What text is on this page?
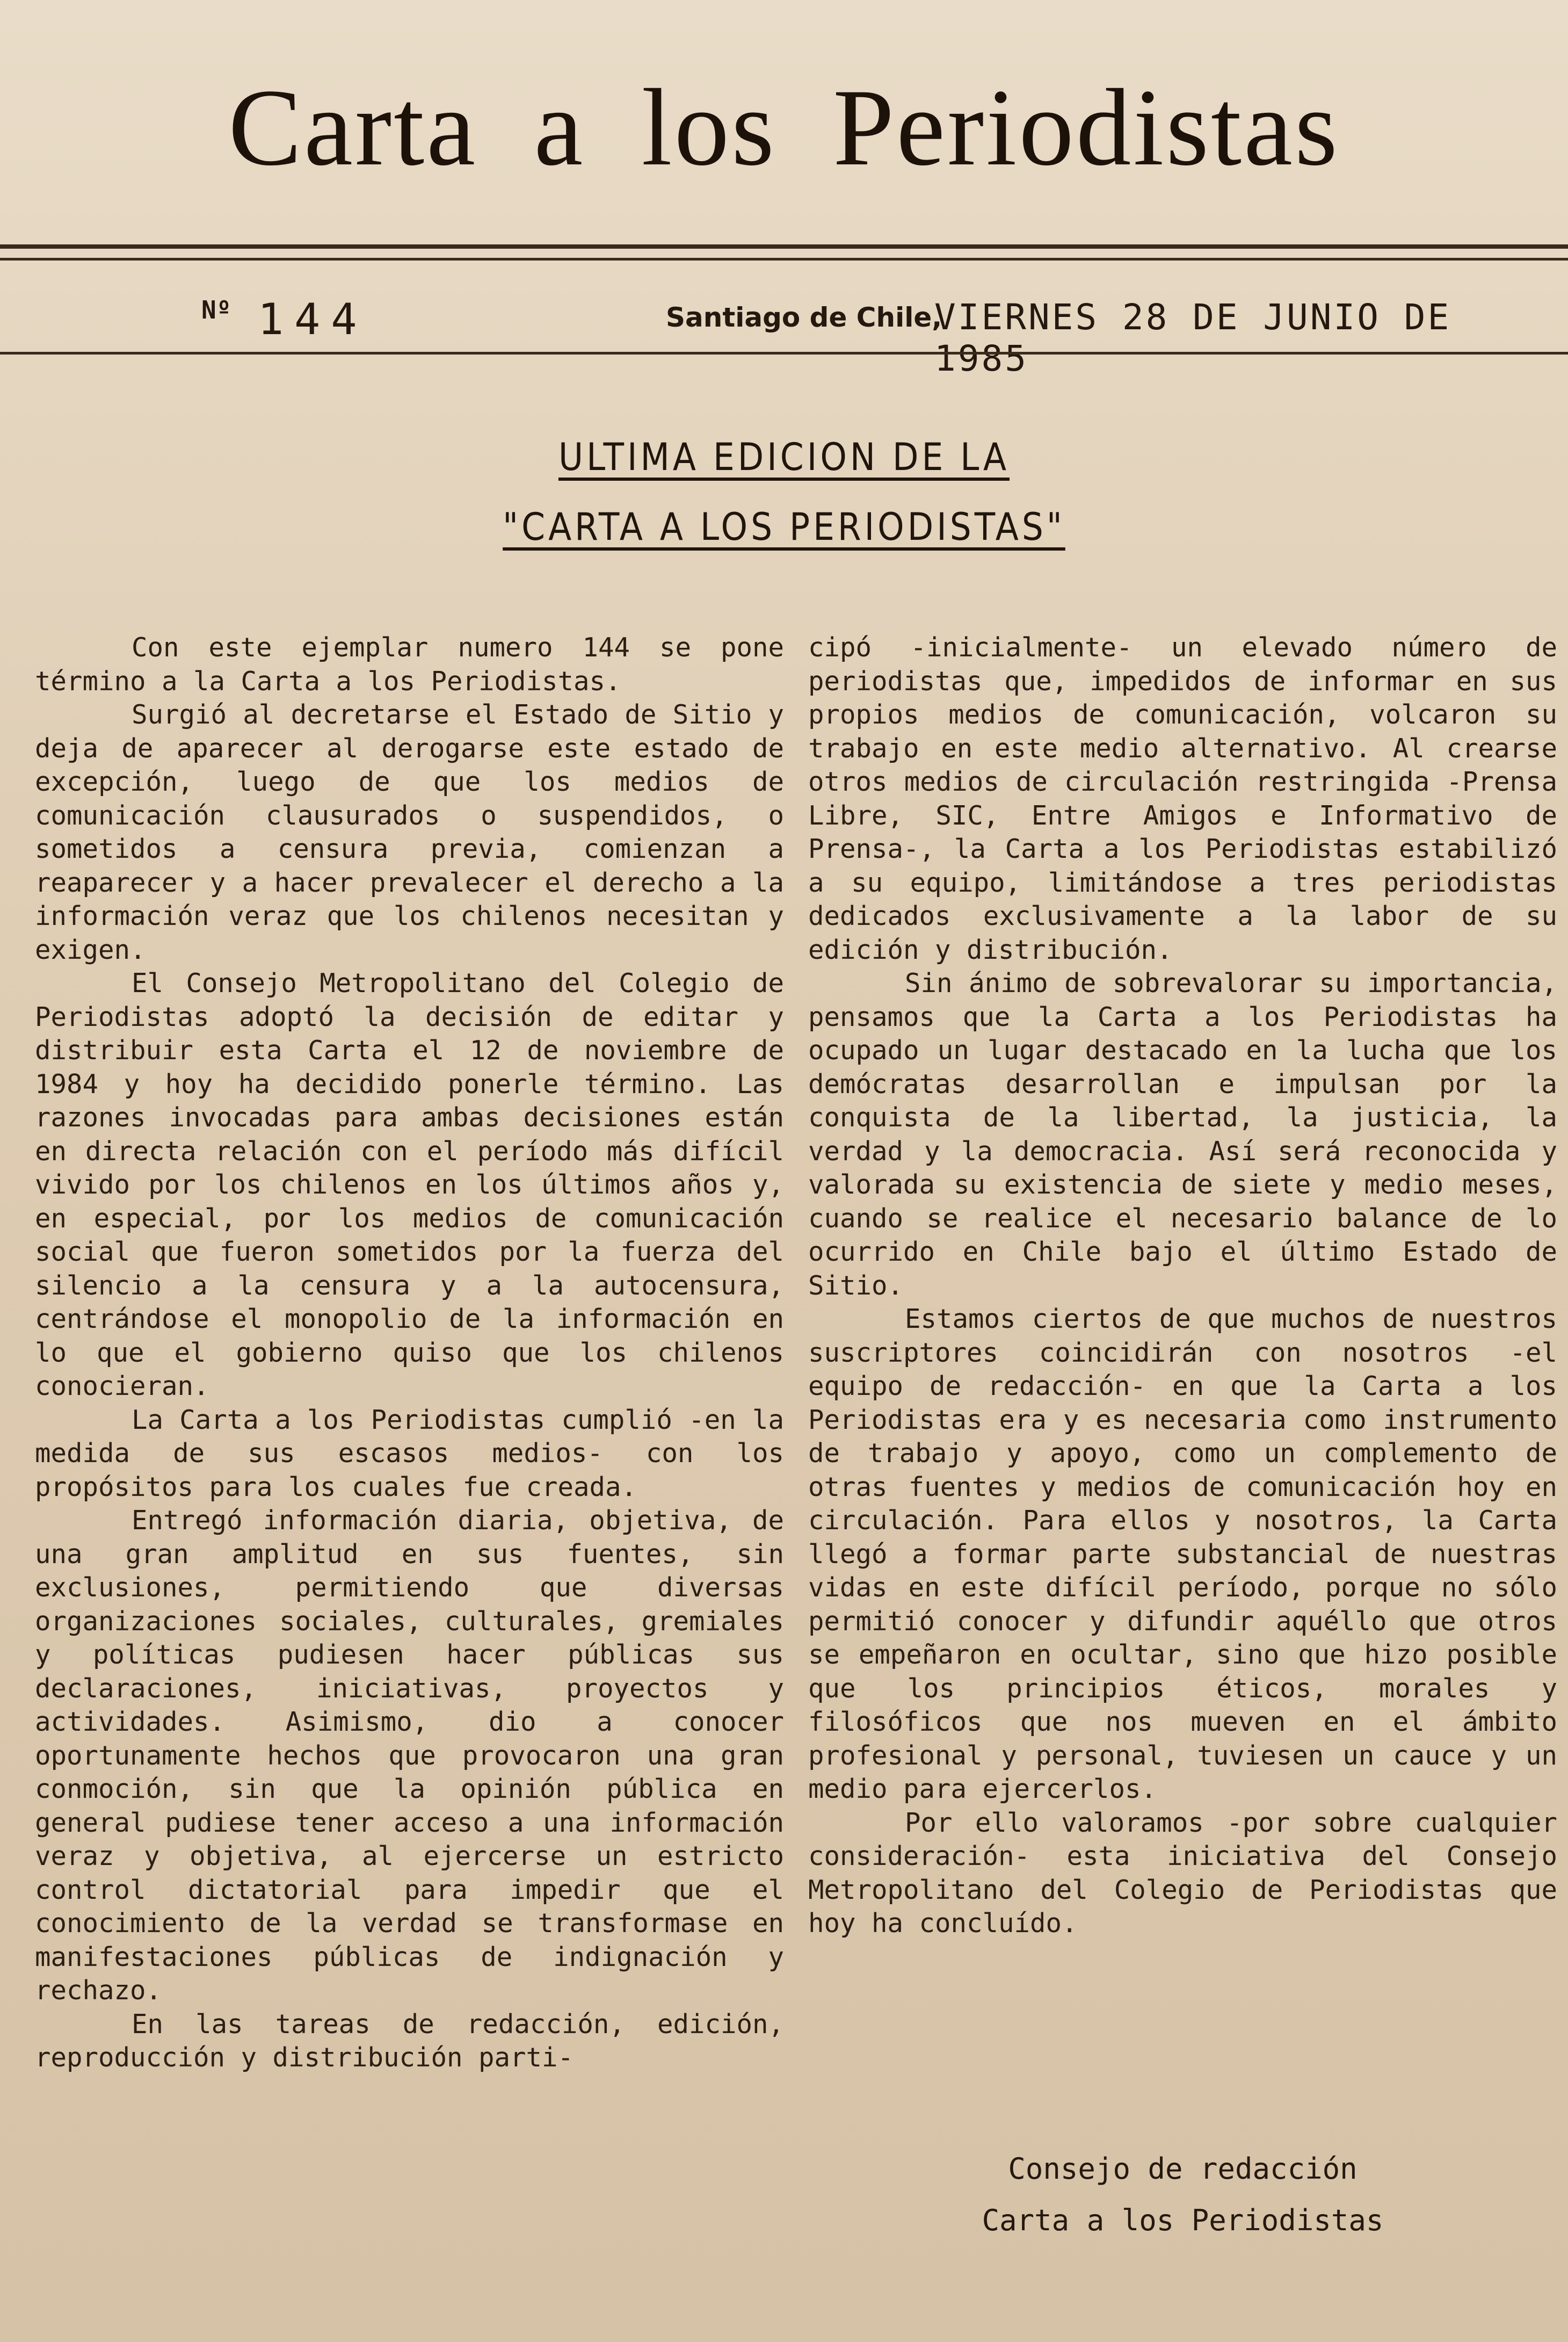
Carta a los Periodistas
Nº 144	Santiago de Chile,
VIERNES 28 DE JUNIO DE 1985
ULTIMA EDICION DE LA
"CARTA A LOS PERIODISTAS"

Con este ejemplar numero 144 se pone término a la Carta a los Periodistas.

Surgió al decretarse el Estado de Sitio y deja de aparecer al derogarse este estado de excepción, luego de que los medios de comunicación clausurados o suspendidos, o sometidos a censura previa, comienzan a reaparecer y a hacer prevalecer el derecho a la información veraz que los chilenos necesitan y exigen.

El Consejo Metropolitano del Colegio de Periodistas adoptó la decisión de editar y distribuir esta Carta el 12 de noviembre de 1984 y hoy ha decidido ponerle término. Las razones invocadas para ambas decisiones están en directa relación con el período más difícil vivido por los chilenos en los últimos años y, en especial, por los medios de comunicación social que fueron sometidos por la fuerza del silencio a la censura y a la autocensura, centrándose el monopolio de la información en lo que el gobierno quiso que los chilenos conocieran.

La Carta a los Periodistas cumplió -en la medida de sus escasos medios- con los propósitos para los cuales fue creada.

Entregó información diaria, objetiva, de una gran amplitud en sus fuentes, sin exclusiones, permitiendo que diversas organizaciones sociales, culturales, gremiales y políticas pudiesen hacer públicas sus declaraciones, iniciativas, proyectos y actividades. Asimismo, dio a conocer oportunamente hechos que provocaron una gran conmoción, sin que la opinión pública en general pudiese tener acceso a una información veraz y objetiva, al ejercerse un estricto control dictatorial para impedir que el conocimiento de la verdad se transformase en manifestaciones públicas de indignación y rechazo.

En las tareas de redacción, edición, reproducción y distribución parti-

cipó -inicialmente- un elevado número de periodistas que, impedidos de informar en sus propios medios de comunicación, volcaron su trabajo en este medio alternativo. Al crearse otros medios de circulación restringida -Prensa Libre, SIC, Entre Amigos e Informativo de Prensa-, la Carta a los Periodistas estabilizó a su equipo, limitándose a tres periodistas dedicados exclusivamente a la labor de su edición y distribución.

Sin ánimo de sobrevalorar su importancia, pensamos que la Carta a los Periodistas ha ocupado un lugar destacado en la lucha que los demócratas desarrollan e impulsan por la conquista de la libertad, la justicia, la verdad y la democracia. Así será reconocida y valorada su existencia de siete y medio meses, cuando se realice el necesario balance de lo ocurrido en Chile bajo el último Estado de Sitio.

Estamos ciertos de que muchos de nuestros suscriptores coincidirán con nosotros -el equipo de redacción- en que la Carta a los Periodistas era y es necesaria como instrumento de trabajo y apoyo, como un complemento de otras fuentes y medios de comunicación hoy en circulación. Para ellos y nosotros, la Carta llegó a formar parte substancial de nuestras vidas en este difícil período, porque no sólo permitió conocer y difundir aquéllo que otros se empeñaron en ocultar, sino que hizo posible que los principios éticos, morales y filosóficos que nos mueven en el ámbito profesional y personal, tuviesen un cauce y un medio para ejercerlos.

Por ello valoramos -por sobre cualquier consideración- esta iniciativa del Consejo Metropolitano del Colegio de Periodistas que hoy ha concluído.

Consejo de redacción
Carta a los Periodistas
